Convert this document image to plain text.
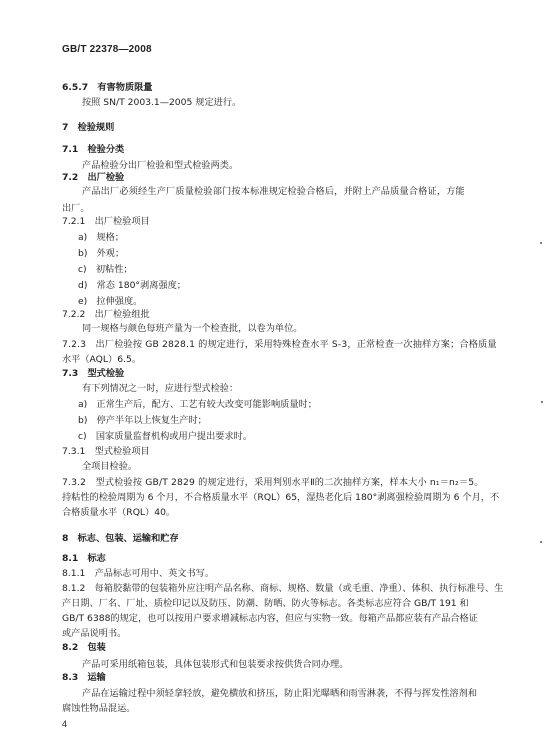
GB/T 22378—2008
6.5.7　有害物质限量
按照 SN/T 2003.1—2005 规定进行。
7　检验规则
7.1　检验分类
产品检验分出厂检验和型式检验两类。
7.2　出厂检验
产品出厂必须经生产厂质量检验部门按本标准规定检验合格后，并附上产品质量合格证，方能
出厂。
7.2.1　出厂检验项目
a)　规格；
b)　外观；
c)　初粘性；
d)　常态 180°剥离强度；
e)　拉伸强度。
7.2.2　出厂检验组批
同一规格与颜色每班产量为一个检查批，以卷为单位。
7.2.3　出厂检验按 GB 2828.1 的规定进行，采用特殊检查水平 S-3，正常检查一次抽样方案；合格质量
水平（AQL）6.5。
7.3　型式检验
有下列情况之一时，应进行型式检验：
a)　正常生产后，配方、工艺有较大改变可能影响质量时；
b)　停产半年以上恢复生产时；
c)　国家质量监督机构或用户提出要求时。
7.3.1　型式检验项目
全项目检验。
7.3.2　型式检验按 GB/T 2829 的规定进行，采用判别水平Ⅱ的二次抽样方案，样本大小 n₁＝n₂＝5。
持粘性的检验周期为 6 个月，不合格质量水平（RQL）65，湿热老化后 180°剥离强检验周期为 6 个月，不
合格质量水平（RQL）40。
8　标志、包装、运输和贮存
8.1　标志
8.1.1　产品标志可用中、英文书写。
8.1.2　每箱胶黏带的包装箱外应注明产品名称、商标、规格、数量（或毛重、净重）、体积、执行标准号、生
产日期、厂名、厂址、质检印记以及防压、防潮、防晒、防火等标志。各类标志应符合 GB/T 191 和
GB/T 6388的规定，也可以按用户要求增减标志内容，但应与实物一致。每箱产品都应装有产品合格证
或产品说明书。
8.2　包装
产品可采用纸箱包装，具体包装形式和包装要求按供货合同办理。
8.3　运输
产品在运输过程中须轻拿轻放，避免横放和挤压，防止阳光曝晒和雨雪淋袭，不得与挥发性溶剂和
腐蚀性物品混运。
4
